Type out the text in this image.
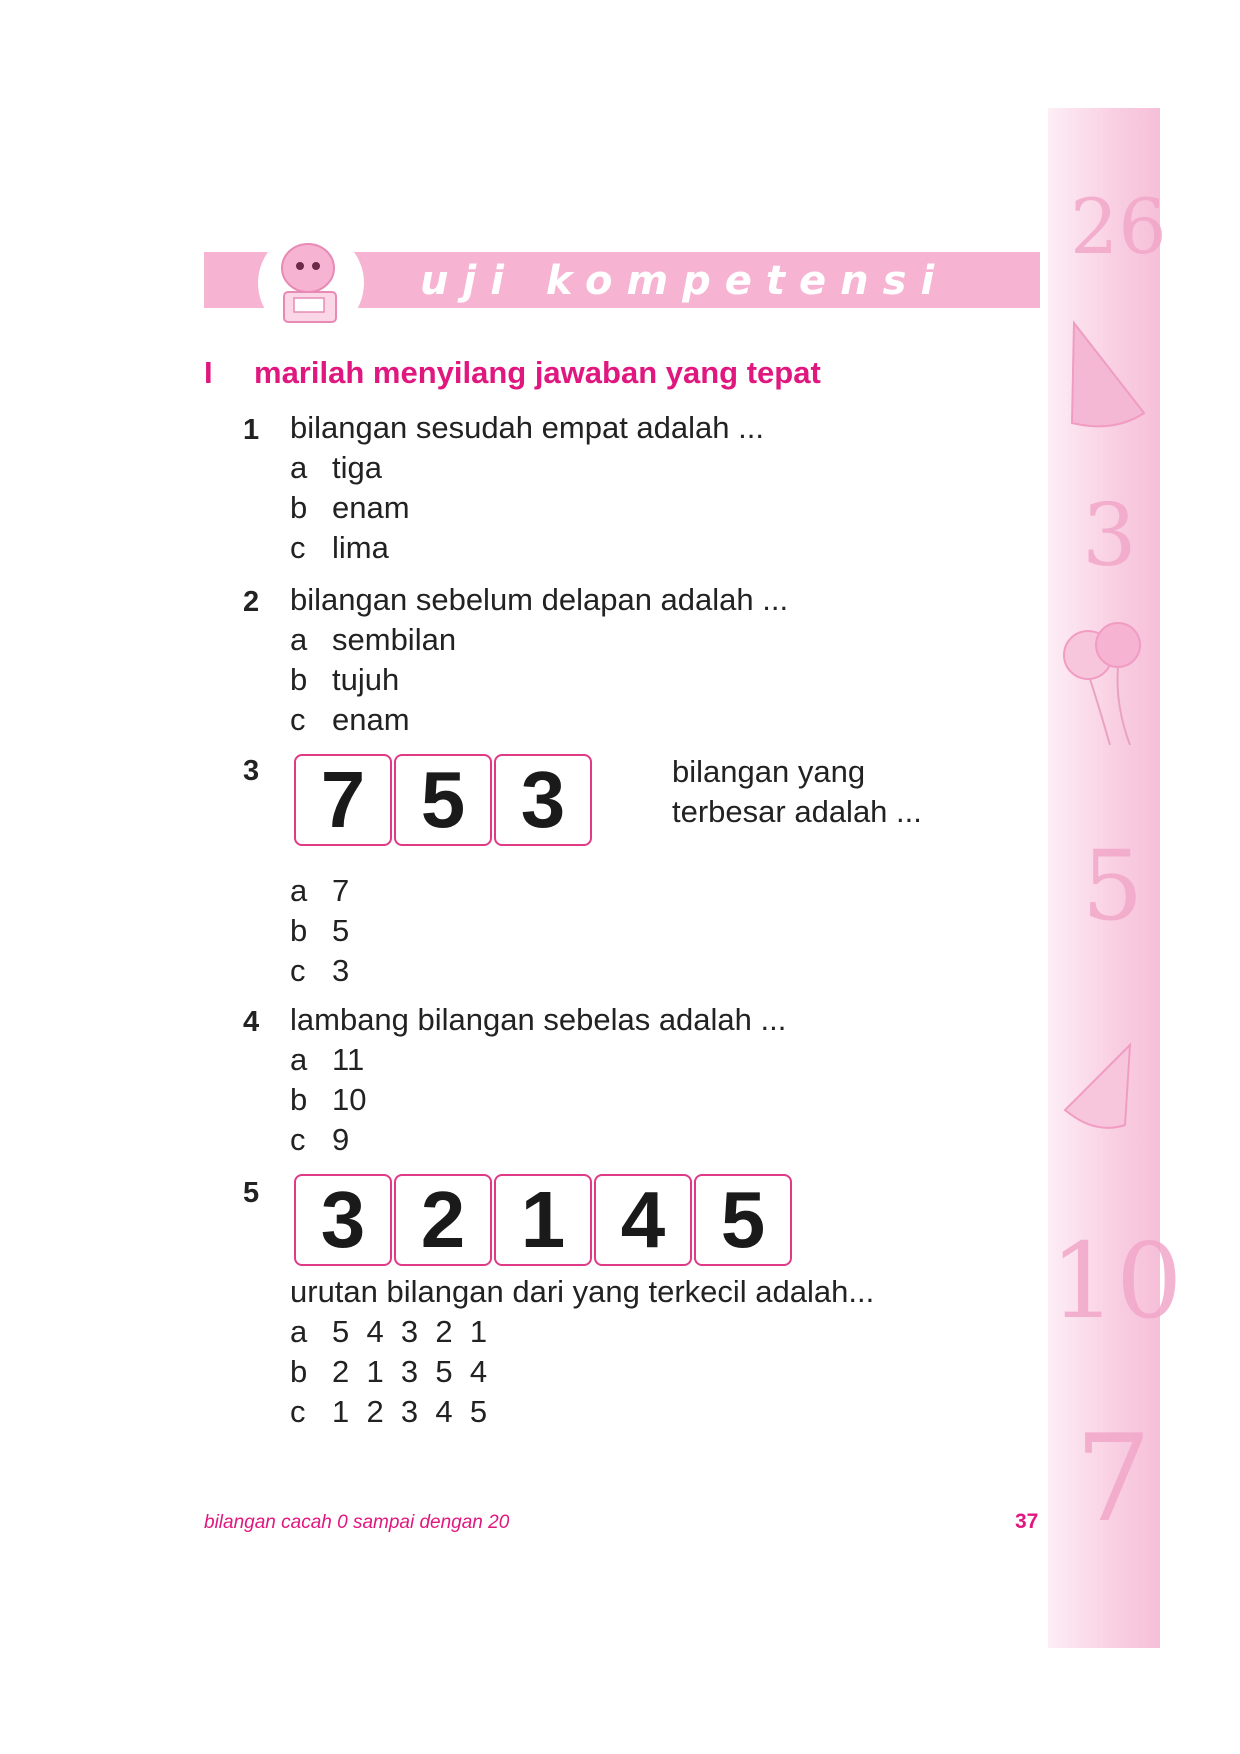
26
3
5
10
7
uji kompetensi
I marilah menyilang jawaban yang tepat
1 bilangan sesudah empat adalah ...
a tiga
b enam
c lima
2 bilangan sebelum delapan adalah ...
a sembilan
b tujuh
c enam
3 7 5 3	bilangan yang
terbesar adalah ...
a 7
b 5
c 3
4 lambang bilangan sebelas adalah ...
a 11
b 10
c 9
5 3 2 1 4 5
urutan bilangan dari yang terkecil adalah...
a 5  4  3  2  1
b 2  1  3  5  4
c 1  2  3  4  5
bilangan cacah 0 sampai dengan 20	37
